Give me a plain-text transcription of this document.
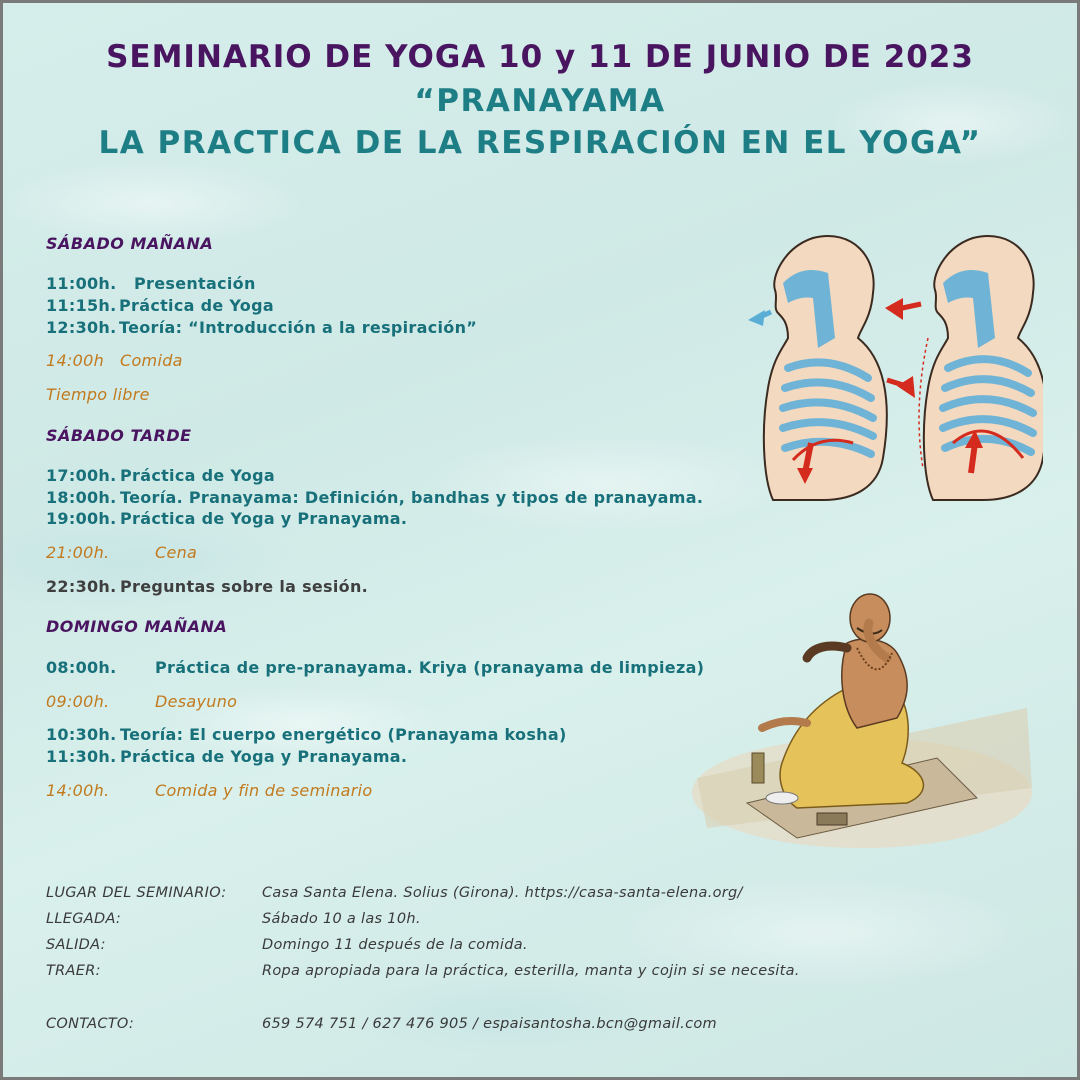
SEMINARIO DE YOGA 10 y 11 DE JUNIO DE 2023
“PRANAYAMA
LA PRACTICA DE LA RESPIRACIÓN EN EL YOGA”
SÁBADO MAÑANA
11:00h. Presentación
11:15h. Práctica de Yoga
12:30h. Teoría: “Introducción a la respiración”
14:00h Comida
Tiempo libre
SÁBADO TARDE
17:00h. Práctica de Yoga
18:00h. Teoría. Pranayama: Definición, bandhas y tipos de pranayama.
19:00h. Práctica de Yoga y Pranayama.
21:00h.	Cena
22:30h. Preguntas sobre la sesión.
DOMINGO MAÑANA
08:00h. Práctica de pre-pranayama. Kriya (pranayama de limpieza)
09:00h.	Desayuno
10:30h. Teoría: El cuerpo energético (Pranayama kosha)
11:30h. Práctica de Yoga y Pranayama.
14:00h.	Comida y fin de seminario
LUGAR DEL SEMINARIO: Casa Santa Elena. Solius (Girona). https://casa-santa-elena.org/
LLEGADA:	Sábado 10 a las 10h.
SALIDA:	Domingo 11 después de la comida.
TRAER:	Ropa apropiada para la práctica, esterilla, manta y cojin si se necesita.
CONTACTO:	659 574 751 / 627 476 905 / espaisantosha.bcn@gmail.com
